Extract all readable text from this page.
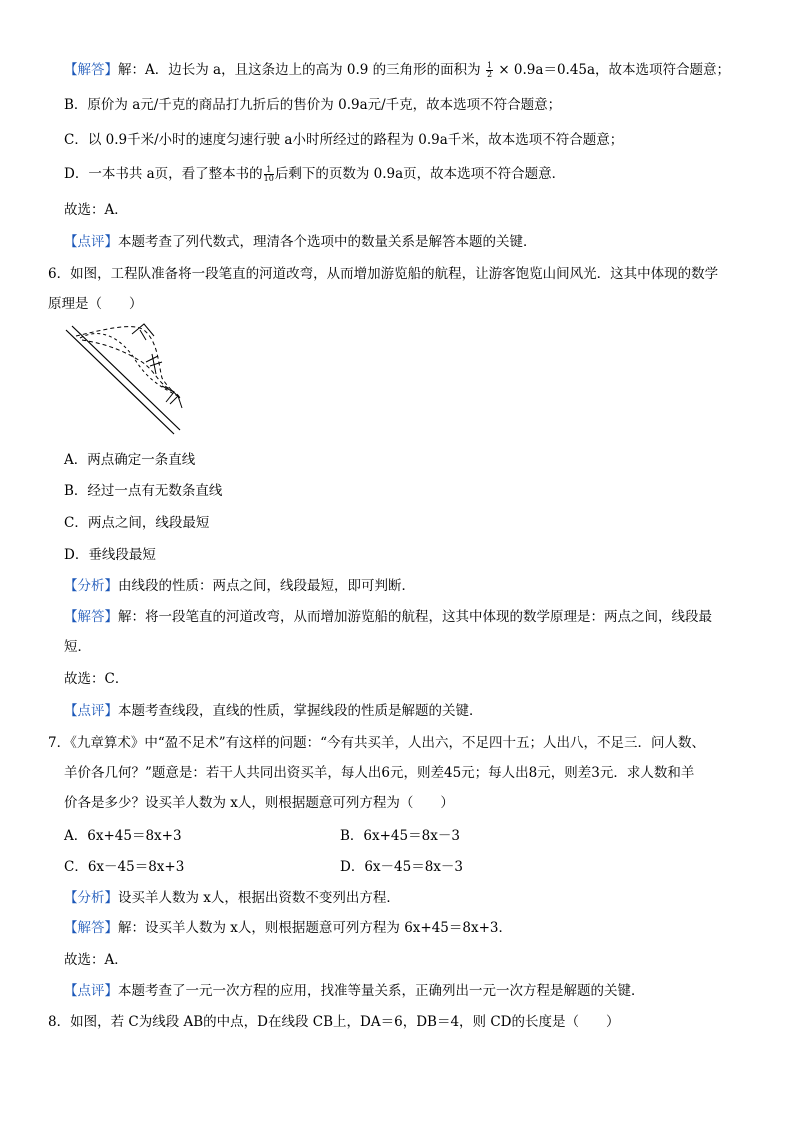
【解答】解：A．边长为 a，且这条边上的高为 0.9 的三角形的面积为 $\frac{1}{2} \times 0.9a=0.45a$，故本选项符合题意；
B．原价为 a元/千克的商品打九折后的售价为 0.9a元/千克，故本选项不符合题意；
C．以 0.9千米/小时的速度匀速行驶 a小时所经过的路程为 0.9a千米，故本选项不符合题意；
D．一本书共 a页，看了整本书的 $\frac{1}{10}$ 后剩下的页数为 0.9a页，故本选项不符合题意．
故选：A．
【点评】本题考查了列代数式，理清各个选项中的数量关系是解答本题的关键．
6．如图，工程队准备将一段笔直的河道改弯，从而增加游览船的航程，让游客饱览山间风光．这其中体现的数学
原理是（　　）
A．两点确定一条直线
B．经过一点有无数条直线
C．两点之间，线段最短
D．垂线段最短
【分析】由线段的性质：两点之间，线段最短，即可判断．
【解答】解：将一段笔直的河道改弯，从而增加游览船的航程，这其中体现的数学原理是：两点之间，线段最
短．
故选：C．
【点评】本题考查线段，直线的性质，掌握线段的性质是解题的关键．
7．《九章算术》中“盈不足术”有这样的问题：“今有共买羊，人出六，不足四十五；人出八，不足三．问人数、
羊价各几何？”题意是：若干人共同出资买羊，每人出6元，则差45元；每人出8元，则差3元．求人数和羊
价各是多少？设买羊人数为 x人，则根据题意可列方程为（　　）
A．6x+45＝8x+3	B．6x+45＝8x－3
C．6x－45＝8x+3	D．6x－45＝8x－3
【分析】设买羊人数为 x人，根据出资数不变列出方程．
【解答】解：设买羊人数为 x人，则根据题意可列方程为 6x+45＝8x+3．
故选：A．
【点评】本题考查了一元一次方程的应用，找准等量关系，正确列出一元一次方程是解题的关键．
8．如图，若 C为线段 AB的中点，D在线段 CB上，DA＝6，DB＝4，则 CD的长度是（　　）
